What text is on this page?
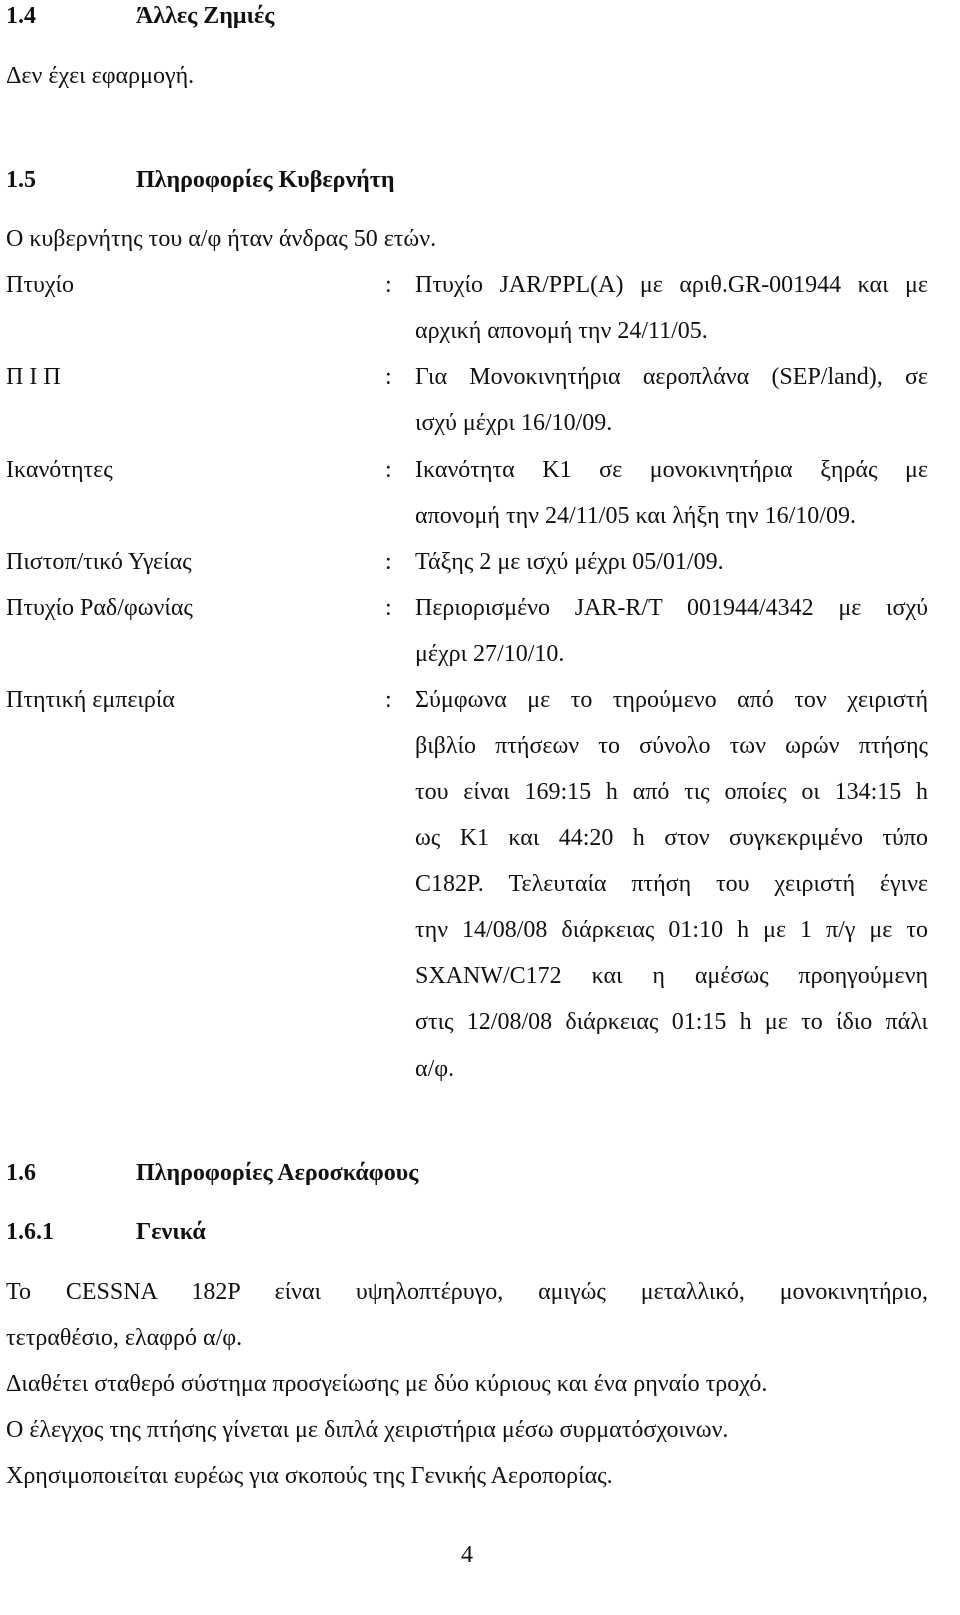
1.4	Άλλες Ζημιές
Δεν έχει εφαρμογή.
1.5	Πληροφορίες Κυβερνήτη
Ο κυβερνήτης του α/φ ήταν άνδρας 50 ετών.
Πτυχίο	: Πτυχίο JAR/PPL(A) με αριθ.GR-001944 και με
αρχική απονομή την 24/11/05.
Π Ι Π	: Για Μονοκινητήρια αεροπλάνα (SEP/land), σε
ισχύ μέχρι 16/10/09.
Ικανότητες	: Ικανότητα Κ1 σε μονοκινητήρια ξηράς με
απονομή την 24/11/05 και λήξη την 16/10/09.
Πιστοπ/τικό Υγείας	: Τάξης 2 με ισχύ μέχρι 05/01/09.
Πτυχίο Ραδ/φωνίας	: Περιορισμένο JAR-R/T 001944/4342 με ισχύ
μέχρι 27/10/10.
Πτητική εμπειρία	: Σύμφωνα με το τηρούμενο από τον χειριστή
βιβλίο πτήσεων το σύνολο των ωρών πτήσης
του είναι 169:15 h από τις οποίες οι 134:15 h
ως Κ1 και 44:20 h στον συγκεκριμένο τύπο
C182P. Τελευταία πτήση του χειριστή έγινε
την 14/08/08 διάρκειας 01:10 h με 1 π/γ με το
SXANW/C172 και η αμέσως προηγούμενη
στις 12/08/08 διάρκειας 01:15 h με το ίδιο πάλι
α/φ.
1.6	Πληροφορίες Αεροσκάφους
1.6.1	Γενικά
Το CESSNA 182P είναι υψηλοπτέρυγο, αμιγώς μεταλλικό, μονοκινητήριο,
τετραθέσιο, ελαφρό α/φ.
Διαθέτει σταθερό σύστημα προσγείωσης με δύο κύριους και ένα ρηναίο τροχό.
Ο έλεγχος της πτήσης γίνεται με διπλά χειριστήρια μέσω συρματόσχοινων.
Χρησιμοποιείται ευρέως για σκοπούς της Γενικής Αεροπορίας.
4
